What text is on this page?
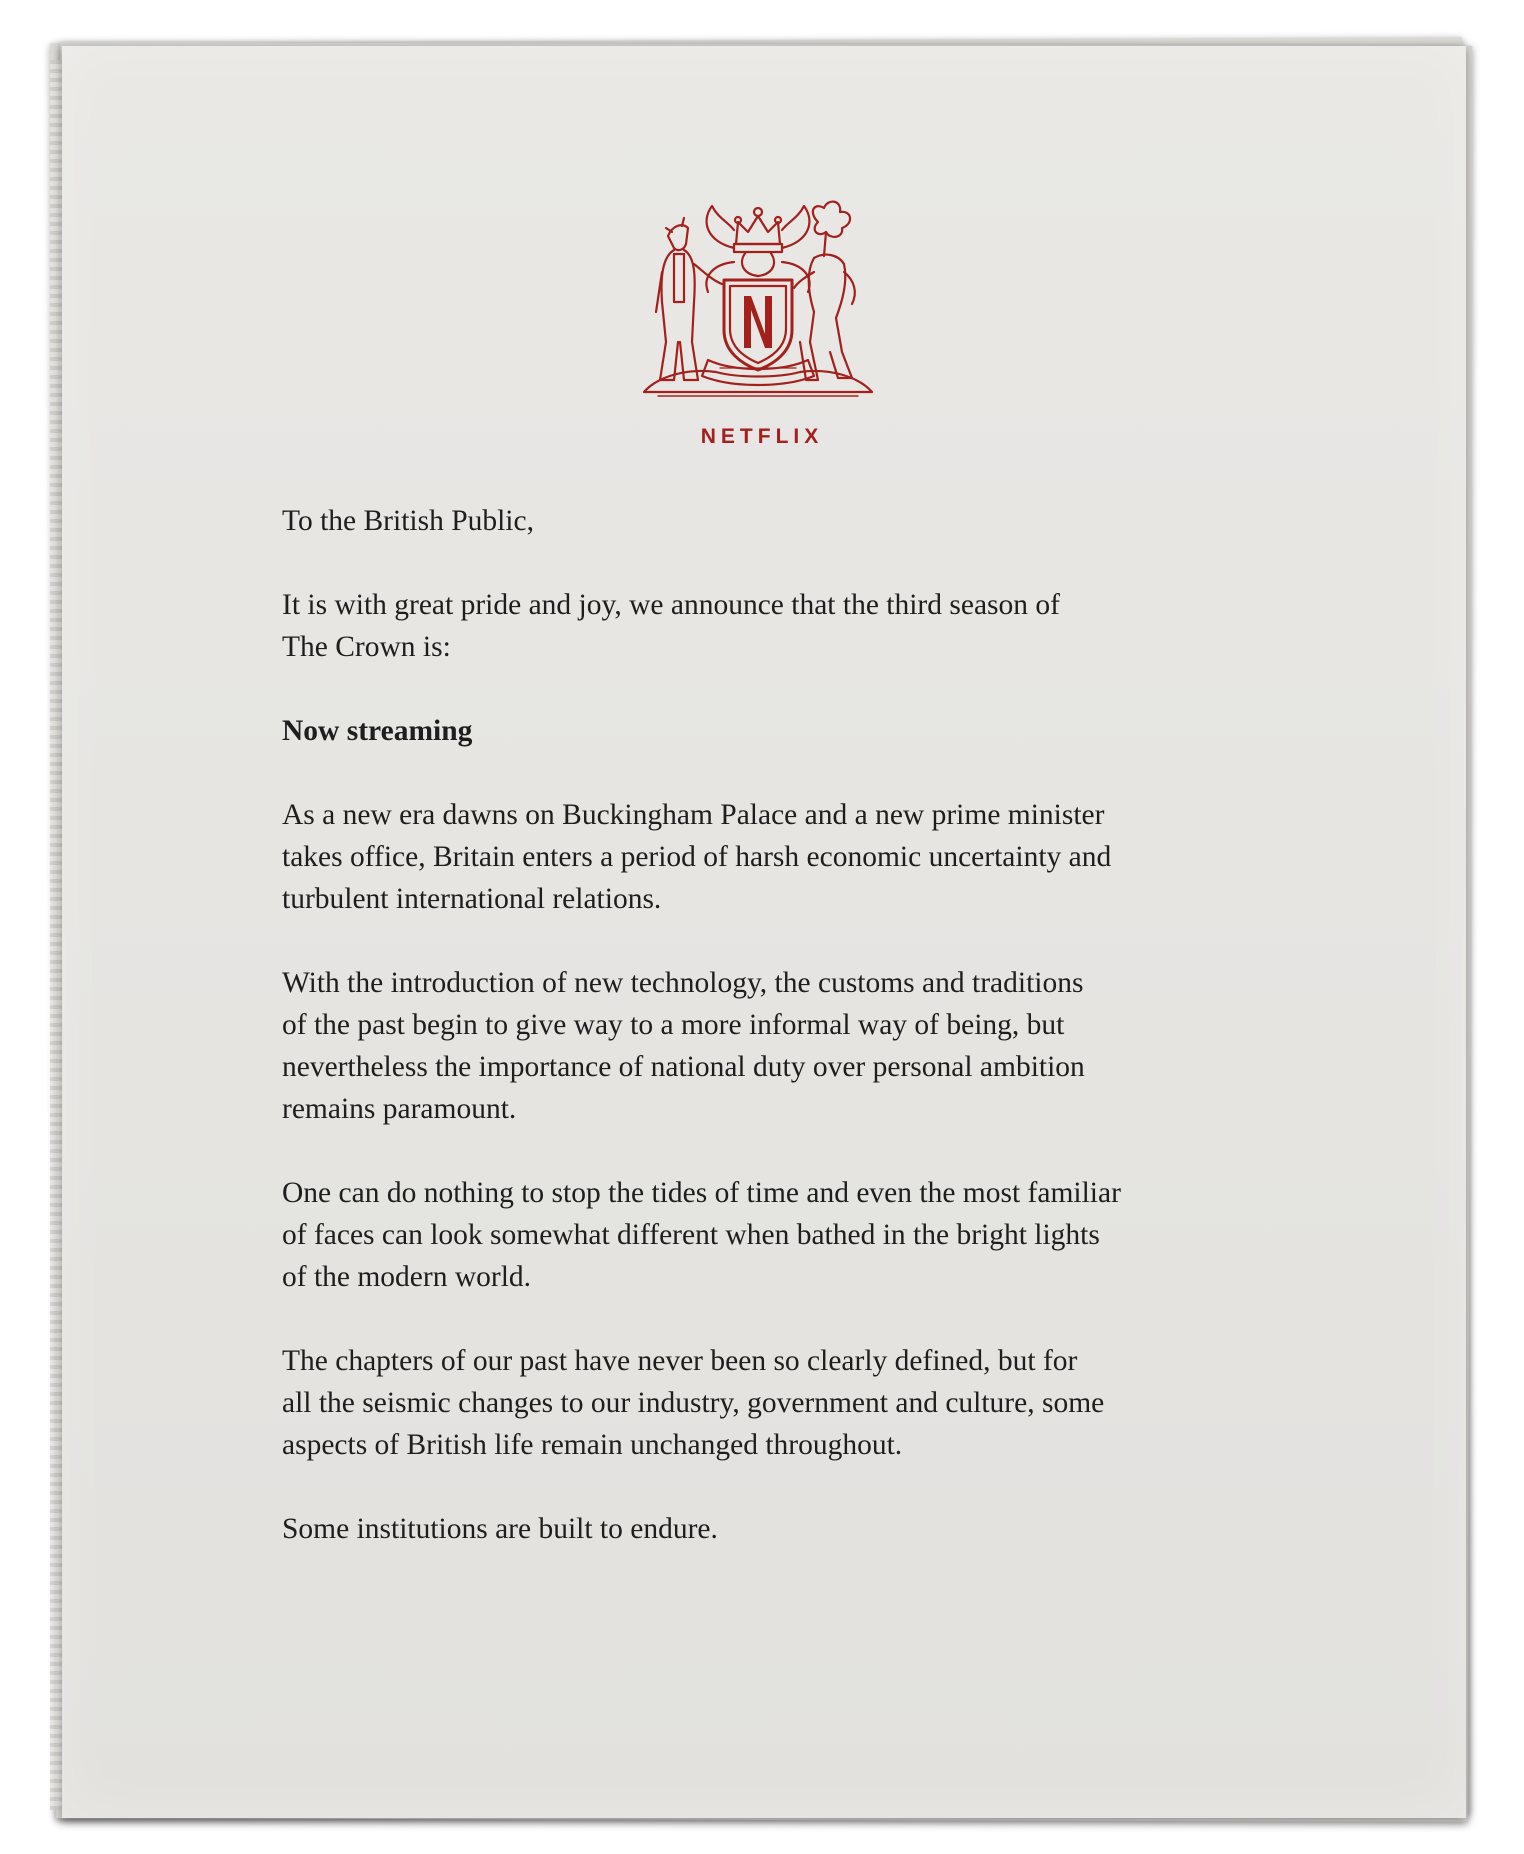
NETFLIX

To the British Public,

It is with great pride and joy, we announce that the third season of
The Crown is:

Now streaming

As a new era dawns on Buckingham Palace and a new prime minister
takes office, Britain enters a period of harsh economic uncertainty and
turbulent international relations.

With the introduction of new technology, the customs and traditions
of the past begin to give way to a more informal way of being, but
nevertheless the importance of national duty over personal ambition
remains paramount.

One can do nothing to stop the tides of time and even the most familiar
of faces can look somewhat different when bathed in the bright lights
of the modern world.

The chapters of our past have never been so clearly defined, but for
all the seismic changes to our industry, government and culture, some
aspects of British life remain unchanged throughout.

Some institutions are built to endure.
